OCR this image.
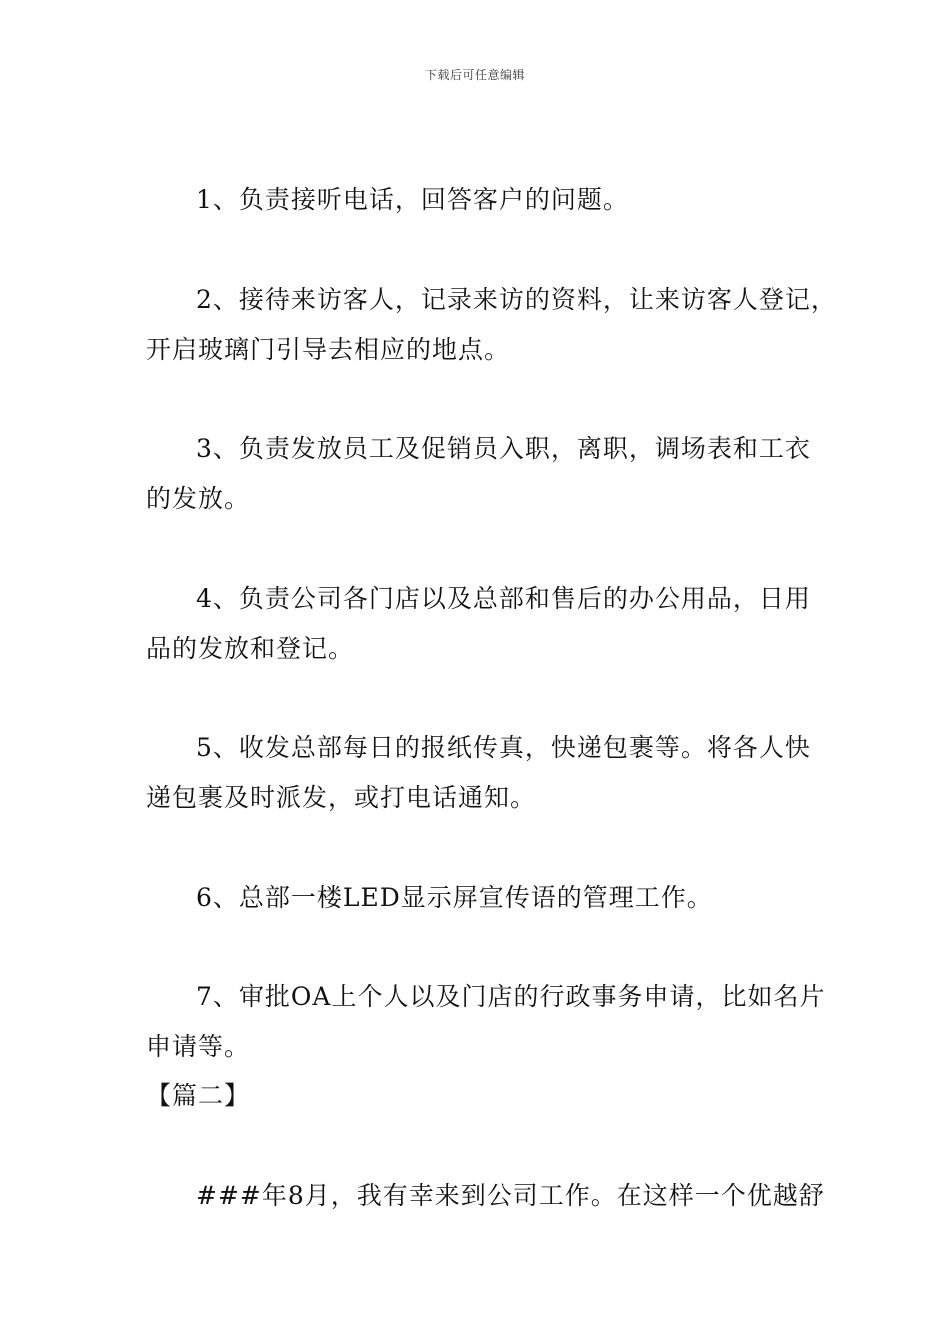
下载后可任意编辑
1、负责接听电话，回答客户的问题。
2、接待来访客人，记录来访的资料，让来访客人登记，
开启玻璃门引导去相应的地点。
3、负责发放员工及促销员入职，离职，调场表和工衣
的发放。
4、负责公司各门店以及总部和售后的办公用品，日用
品的发放和登记。
5、收发总部每日的报纸传真，快递包裹等。将各人快
递包裹及时派发，或打电话通知。
6、总部一楼LED显示屏宣传语的管理工作。
7、审批OA上个人以及门店的行政事务申请，比如名片
申请等。
【篇二】
###年8月，我有幸来到公司工作。在这样一个优越舒
